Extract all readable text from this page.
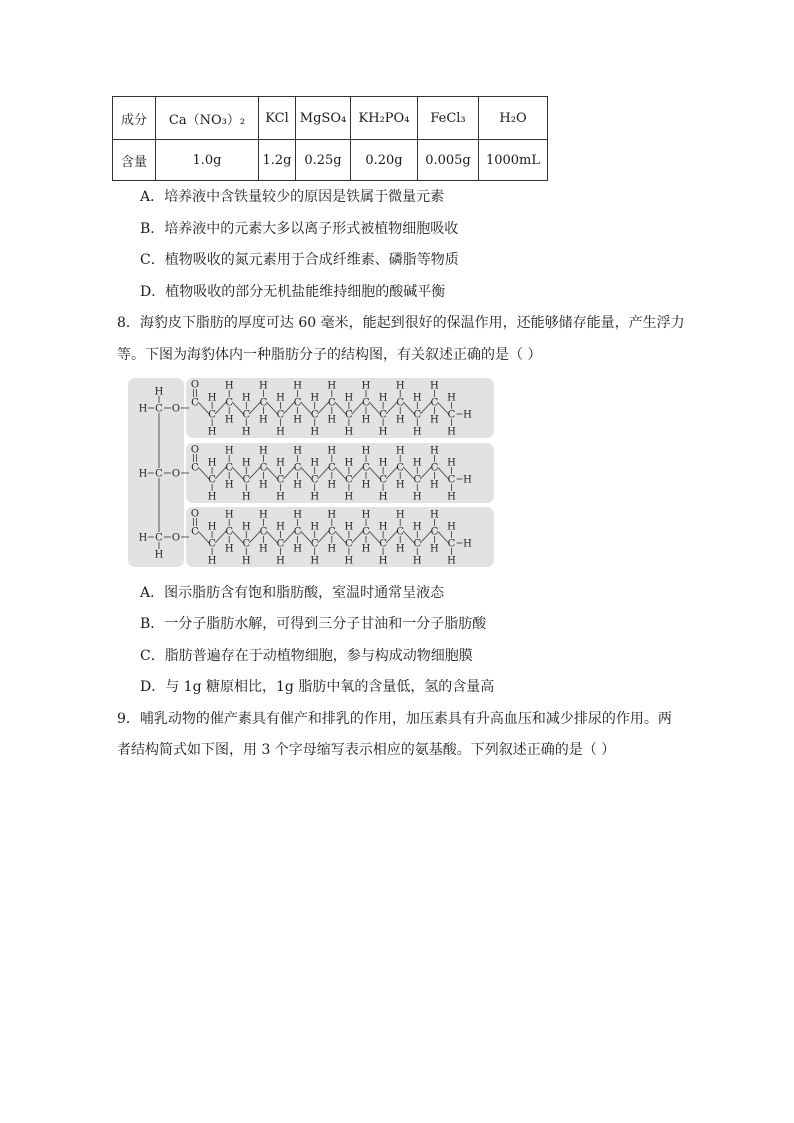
成分	Ca（NO₃）₂	KCl	MgSO₄	KH₂PO₄	FeCl₃	H₂O
含量	1.0g	1.2g	0.25g	0.20g	0.005g	1000mL
A．培养液中含铁量较少的原因是铁属于微量元素
B．培养液中的元素大多以离子形式被植物细胞吸收
C．植物吸收的氮元素用于合成纤维素、磷脂等物质
D．植物吸收的部分无机盐能维持细胞的酸碱平衡
8．海豹皮下脂肪的厚度可达 60 毫米，能起到很好的保温作用，还能够储存能量，产生浮力
等。下图为海豹体内一种脂肪分子的结构图，有关叙述正确的是（ ）
H C O
H
H C O
H C O
H
C
O
C
H
H
C
H
H C
H
H
C
H
H C
H
H
C
H
H C
H
H
C
H
H C
H
H
C
H
H C
H
H
C
H
H C
H
H
C
H
H C
H
H
H
C
O
C
H
H
C
H
H C
H
H
C
H
H C
H
H
C
H
H C
H
H
C
H
H C
H
H
C
H
H C
H
H
C
H
H C
H
H
C
H
H C
H
H
H
C
O
C
H
H
C
H
H C
H
H
C
H
H C
H
H
C
H
H C
H
H
C
H
H C
H
H
C
H
H C
H
H
C
H
H C
H
H
C
H
H C
H
H
H
A．图示脂肪含有饱和脂肪酸，室温时通常呈液态
B．一分子脂肪水解，可得到三分子甘油和一分子脂肪酸
C．脂肪普遍存在于动植物细胞，参与构成动物细胞膜
D．与 1g 糖原相比，1g 脂肪中氧的含量低，氢的含量高
9．哺乳动物的催产素具有催产和排乳的作用，加压素具有升高血压和减少排尿的作用。两
者结构简式如下图，用 3 个字母缩写表示相应的氨基酸。下列叙述正确的是（ ）
